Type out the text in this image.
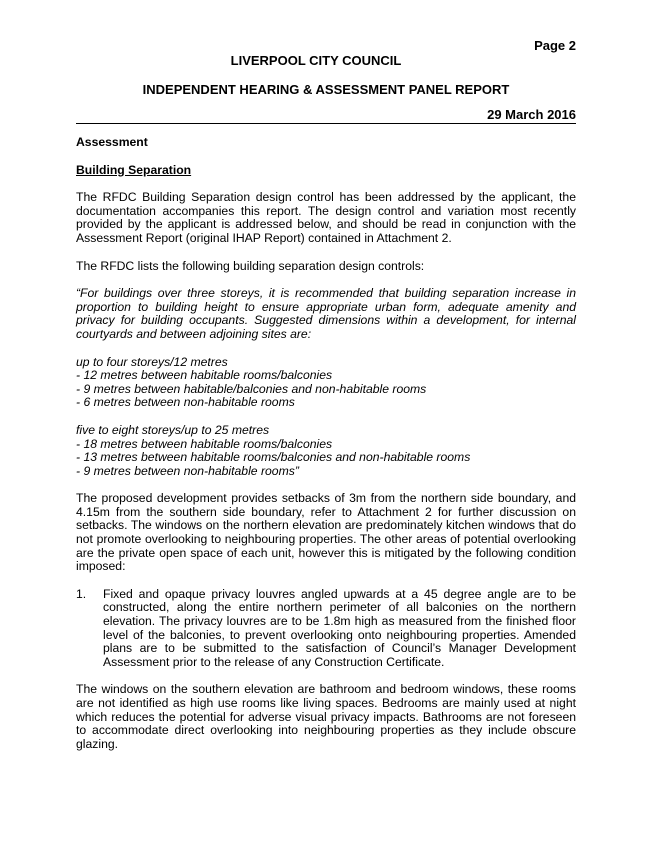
Page 2
LIVERPOOL CITY COUNCIL
INDEPENDENT HEARING & ASSESSMENT PANEL REPORT
29 March 2016

Assessment

Building Separation

The RFDC Building Separation design control has been addressed by the applicant, the documentation accompanies this report. The design control and variation most recently provided by the applicant is addressed below, and should be read in conjunction with the Assessment Report (original IHAP Report) contained in Attachment 2.

The RFDC lists the following building separation design controls:

“For buildings over three storeys, it is recommended that building separation increase in proportion to building height to ensure appropriate urban form, adequate amenity and privacy for building occupants. Suggested dimensions within a development, for internal courtyards and between adjoining sites are:

up to four storeys/12 metres
- 12 metres between habitable rooms/balconies
- 9 metres between habitable/balconies and non-habitable rooms
- 6 metres between non-habitable rooms
five to eight storeys/up to 25 metres
- 18 metres between habitable rooms/balconies
- 13 metres between habitable rooms/balconies and non-habitable rooms
- 9 metres between non-habitable rooms”

The proposed development provides setbacks of 3m from the northern side boundary, and 4.15m from the southern side boundary, refer to Attachment 2 for further discussion on setbacks. The windows on the northern elevation are predominately kitchen windows that do not promote overlooking to neighbouring properties. The other areas of potential overlooking are the private open space of each unit, however this is mitigated by the following condition imposed:

1.	Fixed and opaque privacy louvres angled upwards at a 45 degree angle are to be constructed, along the entire northern perimeter of all balconies on the northern elevation. The privacy louvres are to be 1.8m high as measured from the finished floor level of the balconies, to prevent overlooking onto neighbouring properties. Amended plans are to be submitted to the satisfaction of Council’s Manager Development Assessment prior to the release of any Construction Certificate.

The windows on the southern elevation are bathroom and bedroom windows, these rooms are not identified as high use rooms like living spaces. Bedrooms are mainly used at night which reduces the potential for adverse visual privacy impacts. Bathrooms are not foreseen to accommodate direct overlooking into neighbouring properties as they include obscure glazing.
